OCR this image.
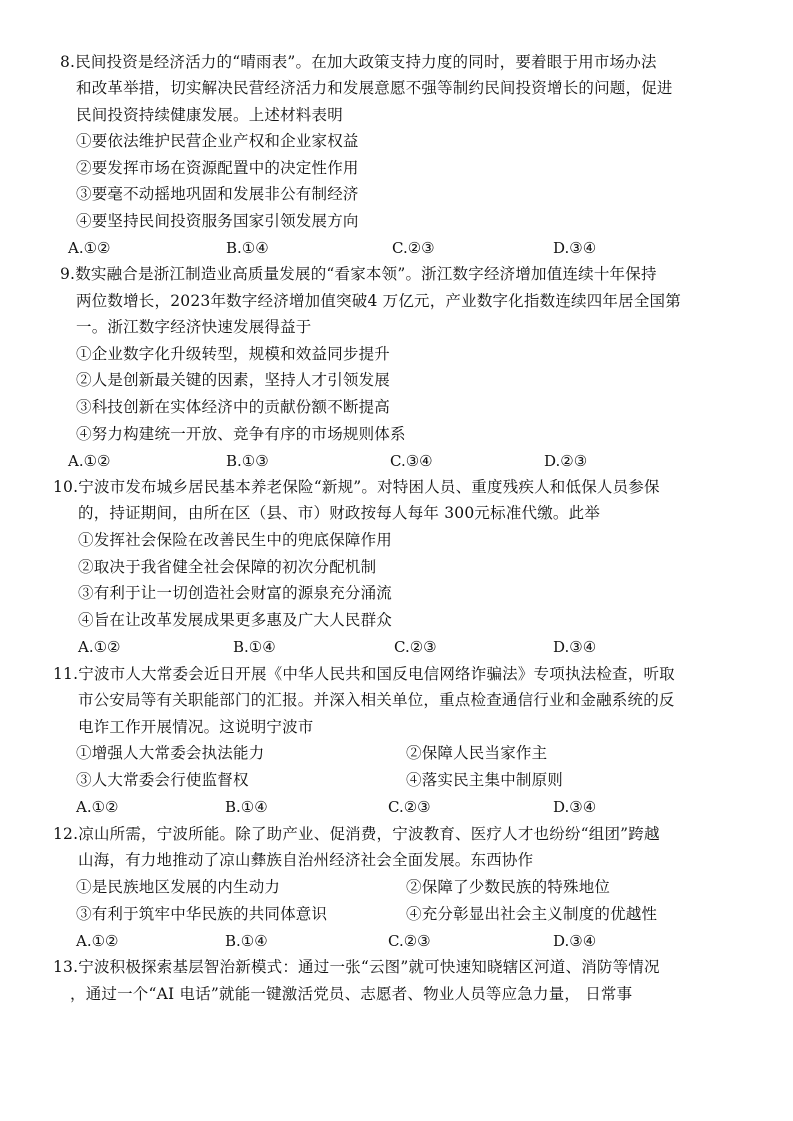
8.民间投资是经济活力的“晴雨表”。在加大政策支持力度的同时，要着眼于用市场办法
和改革举措，切实解决民营经济活力和发展意愿不强等制约民间投资增长的问题，促进
民间投资持续健康发展。上述材料表明
①要依法维护民营企业产权和企业家权益
②要发挥市场在资源配置中的决定性作用
③要毫不动摇地巩固和发展非公有制经济
④要坚持民间投资服务国家引领发展方向
A.①②	B.①④	C.②③	D.③④
9.数实融合是浙江制造业高质量发展的“看家本领”。浙江数字经济增加值连续十年保持
两位数增长，2023年数字经济增加值突破4 万亿元，产业数字化指数连续四年居全国第
一。浙江数字经济快速发展得益于
①企业数字化升级转型，规模和效益同步提升
②人是创新最关键的因素，坚持人才引领发展
③科技创新在实体经济中的贡献份额不断提高
④努力构建统一开放、竞争有序的市场规则体系
A.①②	B.①③	C.③④	D.②③
10.宁波市发布城乡居民基本养老保险“新规”。对特困人员、重度残疾人和低保人员参保
的，持证期间，由所在区（县、市）财政按每人每年 300元标准代缴。此举
①发挥社会保险在改善民生中的兜底保障作用
②取决于我省健全社会保障的初次分配机制
③有利于让一切创造社会财富的源泉充分涌流
④旨在让改革发展成果更多惠及广大人民群众
A.①②	B.①④	C.②③	D.③④
11.宁波市人大常委会近日开展《中华人民共和国反电信网络诈骗法》专项执法检查，听取
市公安局等有关职能部门的汇报。并深入相关单位，重点检查通信行业和金融系统的反
电诈工作开展情况。这说明宁波市
①增强人大常委会执法能力	②保障人民当家作主
③人大常委会行使监督权	④落实民主集中制原则
A.①②	B.①④	C.②③	D.③④
12.凉山所需，宁波所能。除了助产业、促消费，宁波教育、医疗人才也纷纷“组团”跨越
山海，有力地推动了凉山彝族自治州经济社会全面发展。东西协作
①是民族地区发展的内生动力	②保障了少数民族的特殊地位
③有利于筑牢中华民族的共同体意识	④充分彰显出社会主义制度的优越性
A.①②	B.①④	C.②③	D.③④
13.宁波积极探索基层智治新模式：通过一张“云图”就可快速知晓辖区河道、消防等情况
，通过一个“AI 电话”就能一键激活党员、志愿者、物业人员等应急力量， 日常事
